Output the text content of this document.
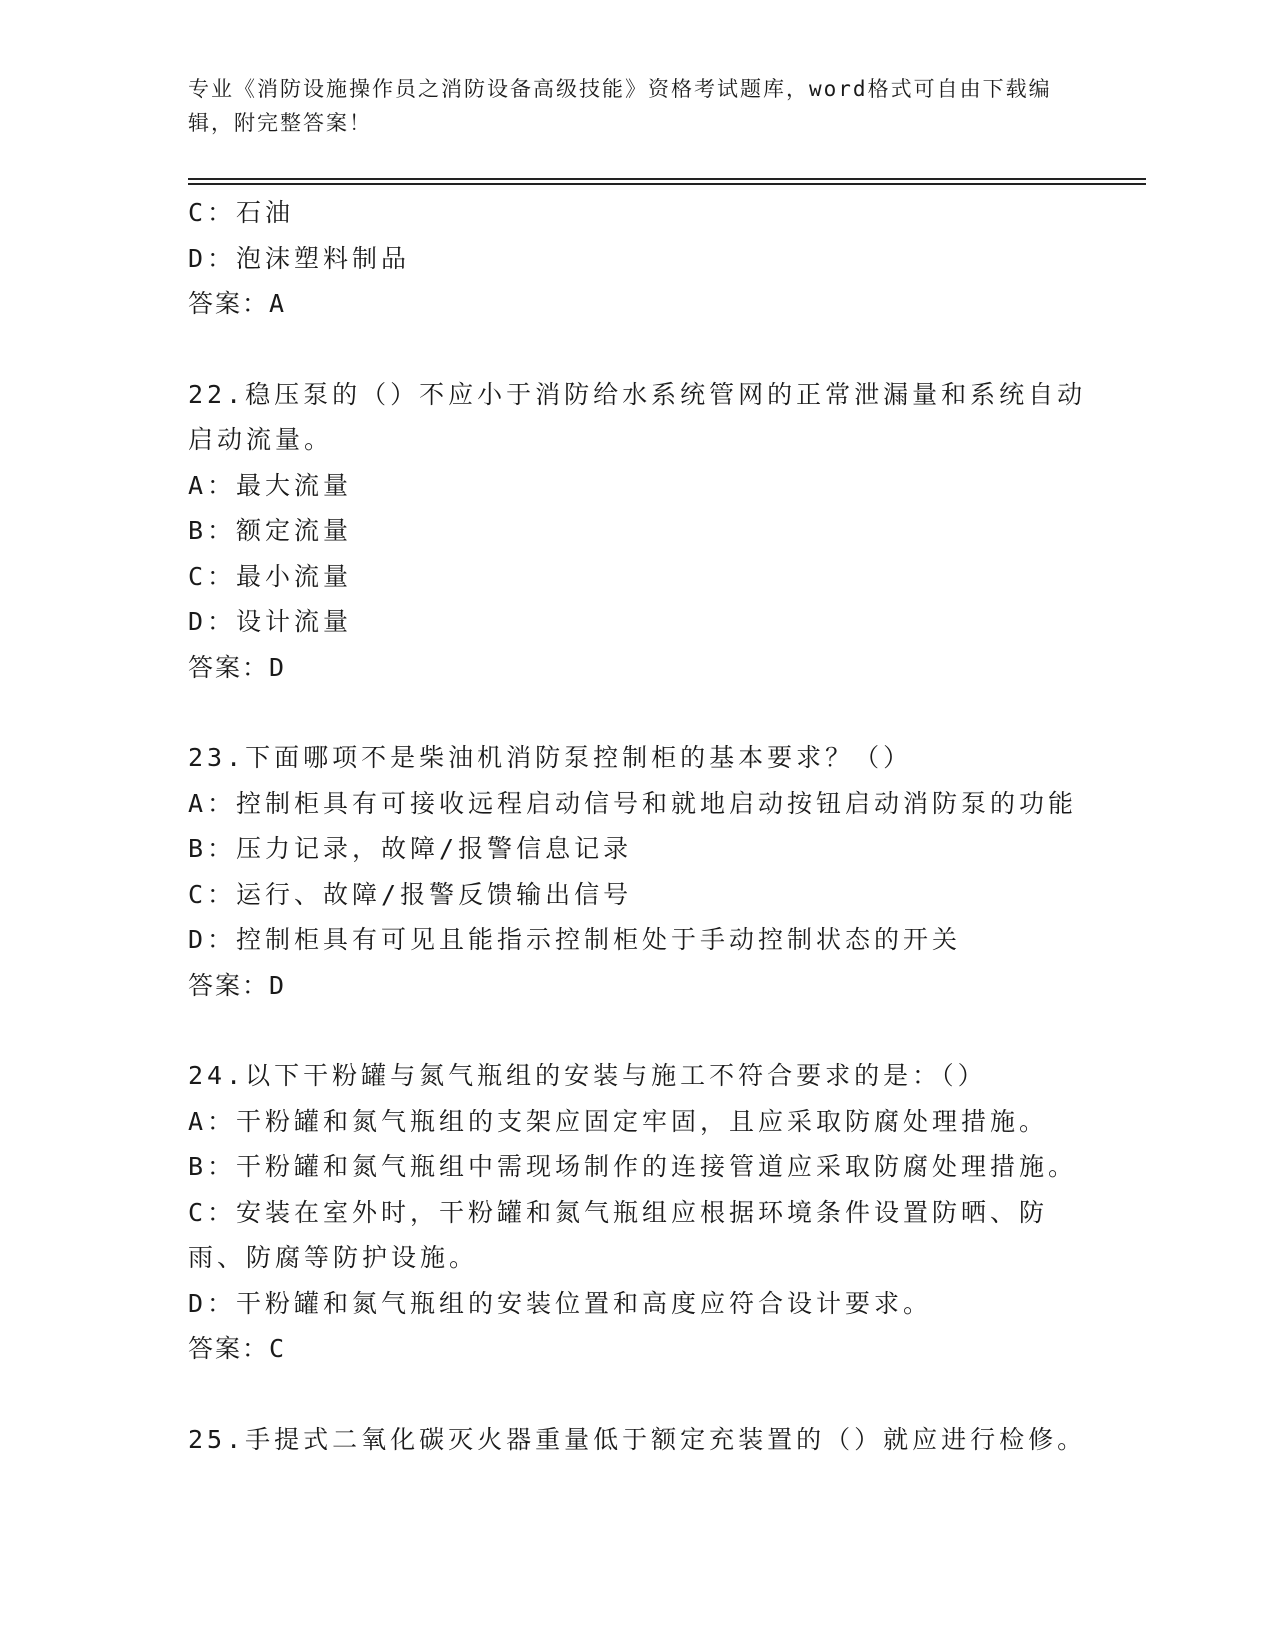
专业《消防设施操作员之消防设备高级技能》资格考试题库，word格式可自由下载编辑，附完整答案！
C：石油
D：泡沫塑料制品
答案：A
22.稳压泵的（）不应小于消防给水系统管网的正常泄漏量和系统自动启动流量。
A：最大流量
B：额定流量
C：最小流量
D：设计流量
答案：D
23.下面哪项不是柴油机消防泵控制柜的基本要求？（）
A：控制柜具有可接收远程启动信号和就地启动按钮启动消防泵的功能
B：压力记录，故障/报警信息记录
C：运行、故障/报警反馈输出信号
D：控制柜具有可见且能指示控制柜处于手动控制状态的开关
答案：D
24.以下干粉罐与氮气瓶组的安装与施工不符合要求的是：（）
A：干粉罐和氮气瓶组的支架应固定牢固，且应采取防腐处理措施。
B：干粉罐和氮气瓶组中需现场制作的连接管道应采取防腐处理措施。
C：安装在室外时，干粉罐和氮气瓶组应根据环境条件设置防晒、防雨、防腐等防护设施。
D：干粉罐和氮气瓶组的安装位置和高度应符合设计要求。
答案：C
25.手提式二氧化碳灭火器重量低于额定充装置的（）就应进行检修。
